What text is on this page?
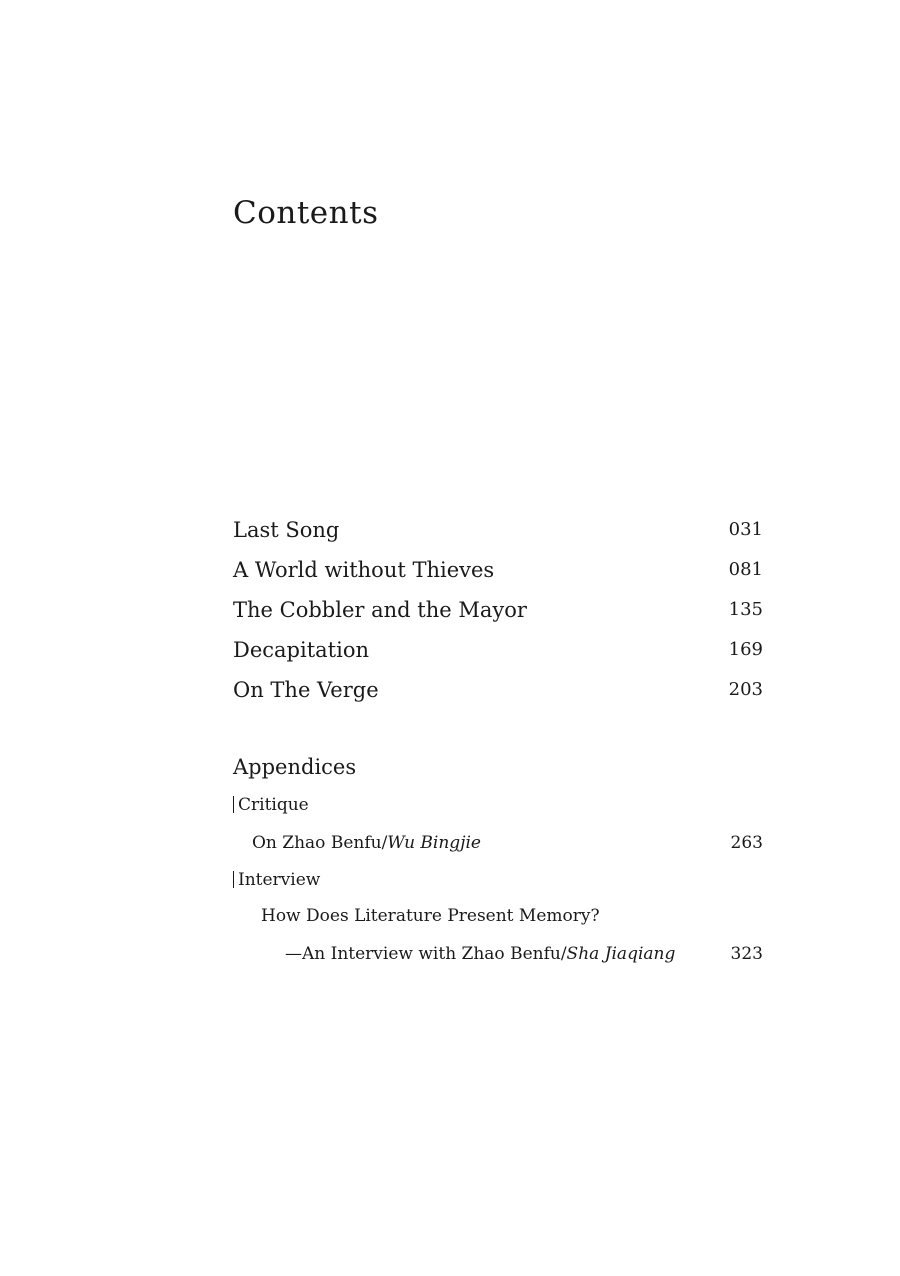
Contents
Last Song	031
A World without Thieves	081
The Cobbler and the Mayor	135
Decapitation	169
On The Verge	203
Appendices
Critique
On Zhao Benfu/Wu Bingjie	263
Interview
How Does Literature Present Memory?
—An Interview with Zhao Benfu/Sha Jiaqiang	323
